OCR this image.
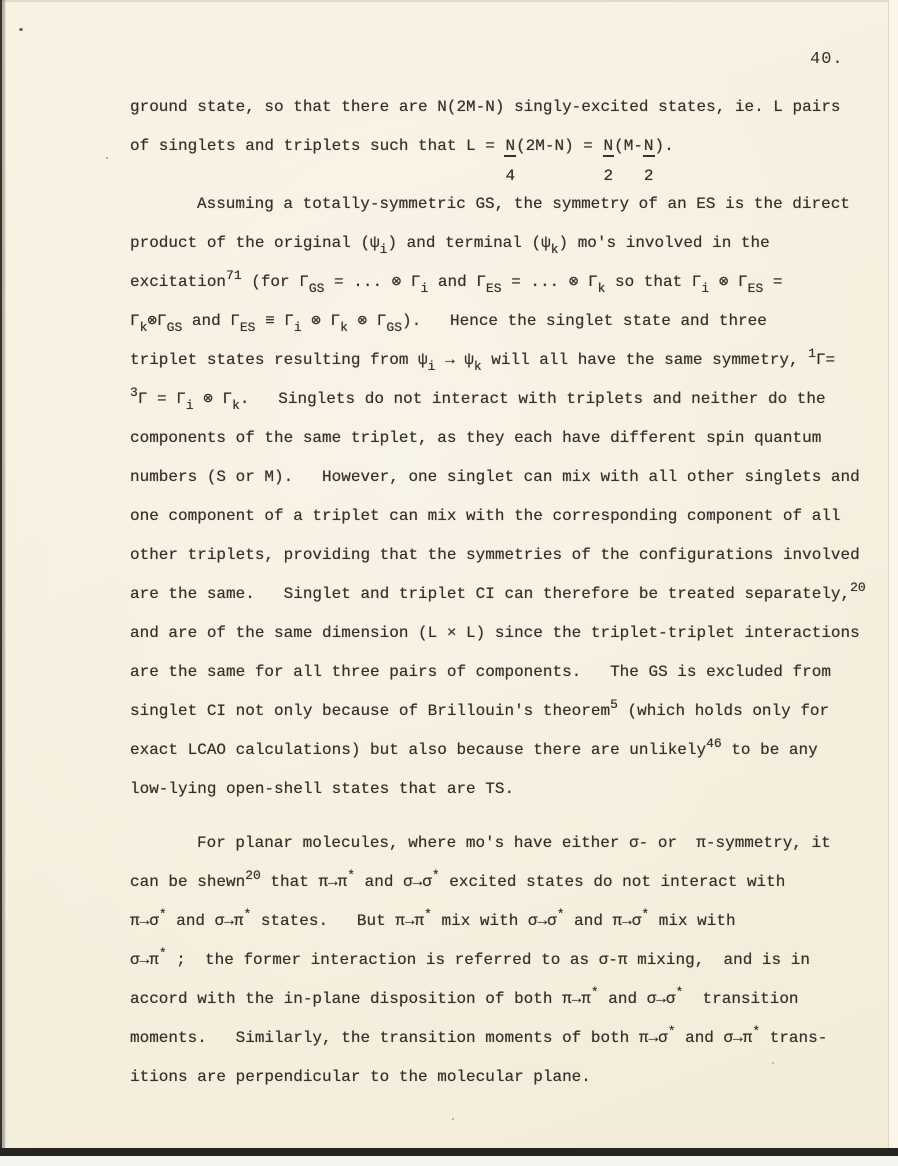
40.
ground state, so that there are N(2M-N) singly-excited states, ie. L pairs
of singlets and triplets such that $L = \frac{N}{4} (2M-N) = \frac{N}{2} (M-\frac{N}{2}$ ).
Assuming a totally-symmetric GS, the symmetry of an ES is the direct
product of the original $(\psi_i)$ and terminal $(\psi_k)$ mo's involved in the
excitation$^{71}$ (for $\Gamma_{GS}$ = ... ⊗ $\Gamma_i$ and $\Gamma_{ES}$ = ... ⊗ $\Gamma_k$ so that $\Gamma_i$ ⊗ $\Gamma_{ES}$ =
$\Gamma_k\otimes\Gamma_{GS}$ and $\Gamma_{ES} \equiv \Gamma_i$ ⊗ $\Gamma_k$ ⊗ $\Gamma_{GS}$).   Hence the singlet state and three
triplet states resulting from $\psi_i \to \psi_k$ will all have the same symmetry, $^1$Γ=
$^3\Gamma = \Gamma_i$ ⊗ $\Gamma_k$.   Singlets do not interact with triplets and neither do the
components of the same triplet, as they each have different spin quantum
numbers (S or M).   However, one singlet can mix with all other singlets and
one component of a triplet can mix with the corresponding component of all
other triplets, providing that the symmetries of the configurations involved
are the same.   Singlet and triplet CI can therefore be treated separately,$^{20}$
and are of the same dimension (L × L) since the triplet-triplet interactions
are the same for all three pairs of components.   The GS is excluded from
singlet CI not only because of Brillouin's theorem$^5$ (which holds only for
exact LCAO calculations) but also because there are unlikely$^{46}$ to be any
low-lying open-shell states that are TS.
For planar molecules, where mo's have either σ- or  π-symmetry, it
can be shewn$^{20}$ that π→π* and σ→σ* excited states do not interact with
π→σ* and σ→π* states.   But π→π* mix with σ→σ* and π→σ* mix with
σ→π* ;  the former interaction is referred to as σ-π mixing,  and is in
accord with the in-plane disposition of both π→π* and σ→σ*  transition
moments.   Similarly, the transition moments of both π→σ* and σ→π* trans-
itions are perpendicular to the molecular plane.
